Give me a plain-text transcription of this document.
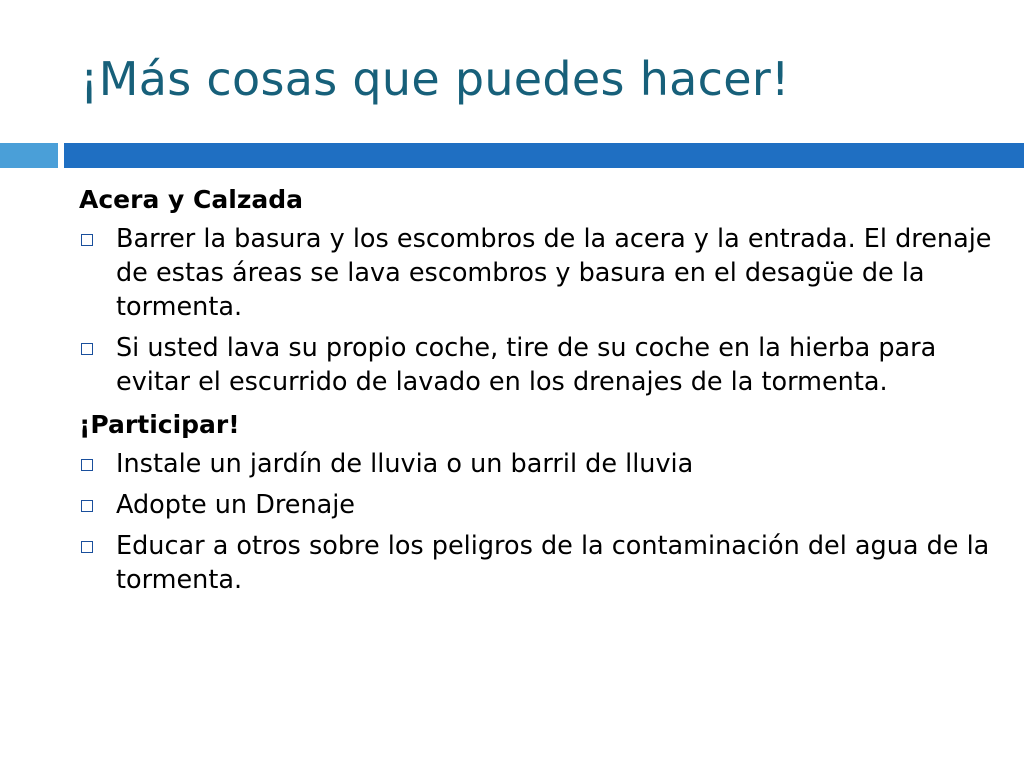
¡Más cosas que puedes hacer!
Acera y Calzada
Barrer la basura y los escombros de la acera y la entrada. El drenaje de estas áreas se lava escombros y basura en el desagüe de la tormenta.
Si usted lava su propio coche, tire de su coche en la hierba para evitar el escurrido de lavado en los drenajes de la tormenta.
¡Participar!
Instale un jardín de lluvia o un barril de lluvia
Adopte un Drenaje
Educar a otros sobre los peligros de la contaminación del agua de la tormenta.
